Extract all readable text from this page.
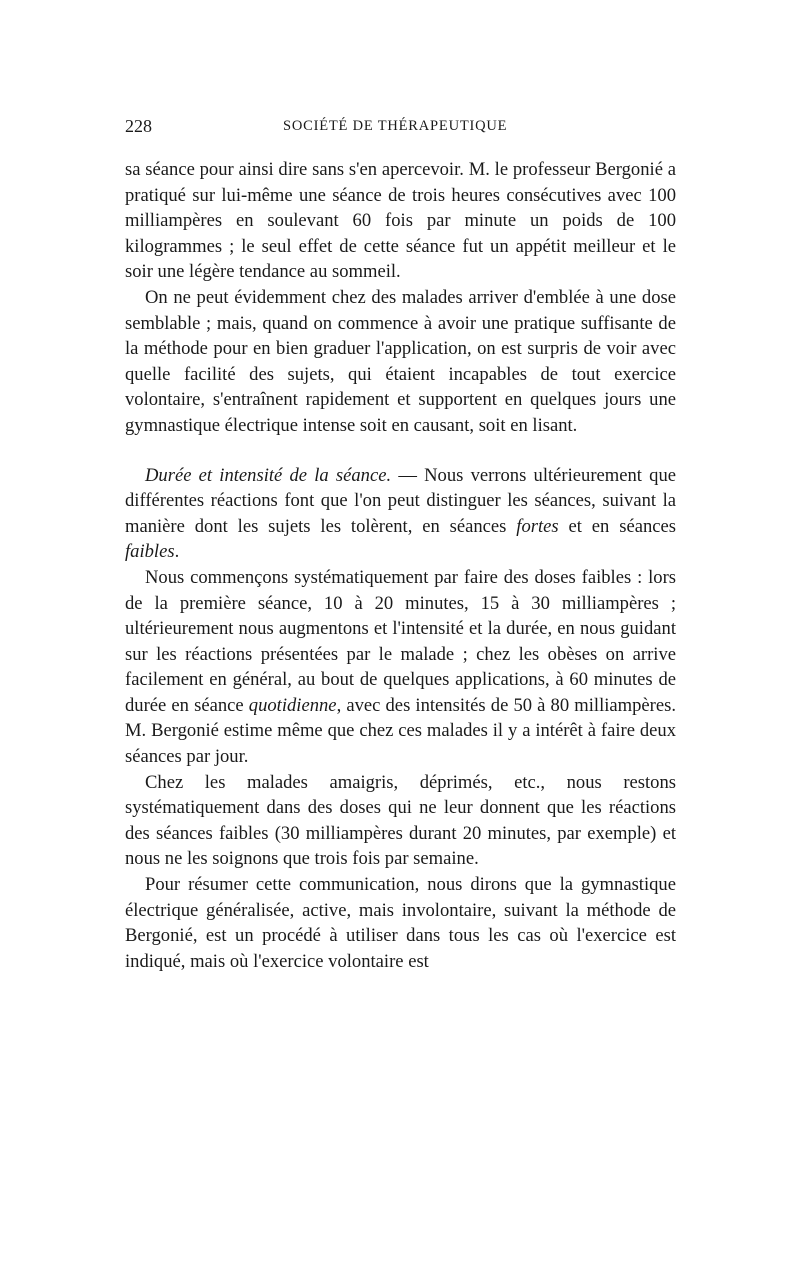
228	SOCIÉTÉ DE THÉRAPEUTIQUE

sa séance pour ainsi dire sans s'en apercevoir. M. le professeur Bergonié a pratiqué sur lui-même une séance de trois heures consécutives avec 100 milliampères en soulevant 60 fois par minute un poids de 100 kilogrammes ; le seul effet de cette séance fut un appétit meilleur et le soir une légère tendance au sommeil.

On ne peut évidemment chez des malades arriver d'emblée à une dose semblable ; mais, quand on commence à avoir une pratique suffisante de la méthode pour en bien graduer l'application, on est surpris de voir avec quelle facilité des sujets, qui étaient incapables de tout exercice volontaire, s'entraînent rapidement et supportent en quelques jours une gymnastique électrique intense soit en causant, soit en lisant.

Durée et intensité de la séance. — Nous verrons ultérieurement que différentes réactions font que l'on peut distinguer les séances, suivant la manière dont les sujets les tolèrent, en séances fortes et en séances faibles.

Nous commençons systématiquement par faire des doses faibles : lors de la première séance, 10 à 20 minutes, 15 à 30 milliampères ; ultérieurement nous augmentons et l'intensité et la durée, en nous guidant sur les réactions présentées par le malade ; chez les obèses on arrive facilement en général, au bout de quelques applications, à 60 minutes de durée en séance quotidienne, avec des intensités de 50 à 80 milliampères. M. Bergonié estime même que chez ces malades il y a intérêt à faire deux séances par jour.

Chez les malades amaigris, déprimés, etc., nous restons systématiquement dans des doses qui ne leur donnent que les réactions des séances faibles (30 milliampères durant 20 minutes, par exemple) et nous ne les soignons que trois fois par semaine.

Pour résumer cette communication, nous dirons que la gymnastique électrique généralisée, active, mais involontaire, suivant la méthode de Bergonié, est un procédé à utiliser dans tous les cas où l'exercice est indiqué, mais où l'exercice volontaire est
